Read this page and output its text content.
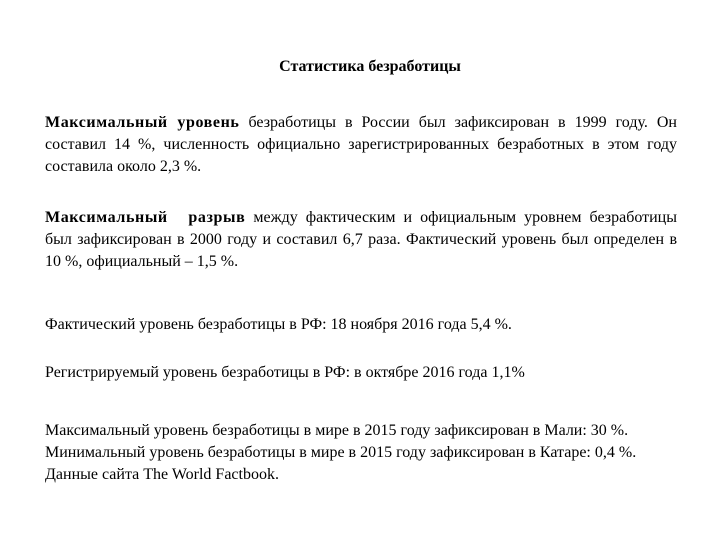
Статистика безработицы
Максимальный уровень безработицы в России был зафиксирован в 1999 году. Он составил 14 %, численность официально зарегистрированных безработных в этом году составила около 2,3 %.
Максимальный разрыв между фактическим и официальным уровнем безработицы был зафиксирован в 2000 году и составил 6,7 раза. Фактический уровень был определен в 10 %, официальный – 1,5 %.
Фактический уровень безработицы в РФ: 18 ноября 2016 года 5,4 %.
Регистрируемый уровень безработицы в РФ: в октябре 2016 года 1,1%
Максимальный уровень безработицы в мире в 2015 году зафиксирован в Мали: 30 %.
Минимальный уровень безработицы в мире в 2015 году зафиксирован в Катаре: 0,4 %.
Данные сайта The World Factbook.
